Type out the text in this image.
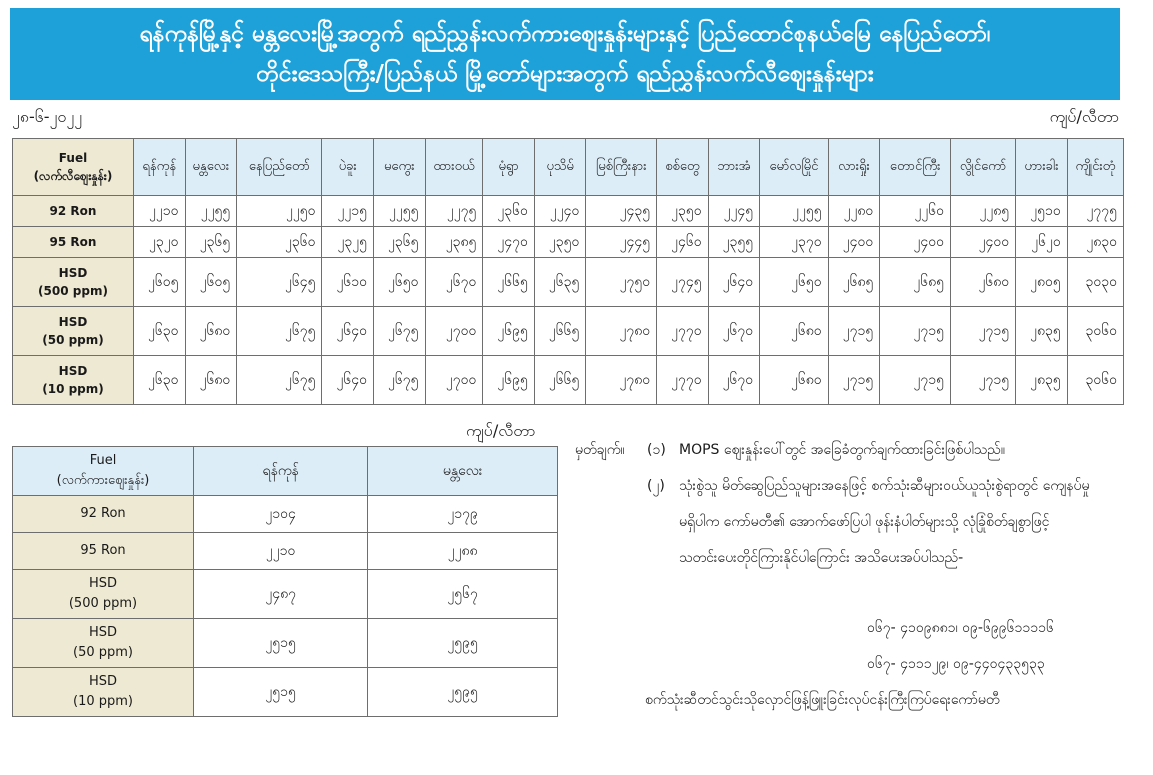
ရန်ကုန်မြို့နှင့် မန္တလေးမြို့အတွက် ရည်ညွှန်းလက်ကားဈေးနှုန်းများနှင့် ပြည်ထောင်စုနယ်မြေ နေပြည်တော်၊
တိုင်းဒေသကြီး/ပြည်နယ် မြို့တော်များအတွက် ရည်ညွှန်းလက်လီဈေးနှုန်းများ
၂၈-၆-၂၀၂၂	ကျပ်/လီတာ
Fuel
(လက်လီဈေးနှုန်း)	ရန်ကုန်	မန္တလေး	နေပြည်တော်	ပဲခူး	မကွေး	ထားဝယ်	မုံရွာ	ပုသိမ်	မြစ်ကြီးနား	စစ်တွေ	ဘားအံ	မော်လမြိုင်	လားရှိုး	တောင်ကြီး	လွိုင်ကော်	ဟားခါး	ကျိုင်းတုံ

92 Ron	၂၂၁၀	၂၂၅၅	၂၂၅၀	၂၂၁၅	၂၂၅၅	၂၂၇၅	၂၃၆၀	၂၂၄၀	၂၄၃၅	၂၃၅၀	၂၂၄၅	၂၂၅၅	၂၂၈၀	၂၂၆၀	၂၂၈၅	၂၅၁၀	၂၇၇၅

95 Ron	၂၃၂၀	၂၃၆၅	၂၃၆၀	၂၃၂၅	၂၃၆၅	၂၃၈၅	၂၄၇၀	၂၃၅၀	၂၄၄၅	၂၄၆၀	၂၃၅၅	၂၃၇၀	၂၄၀၀	၂၄၀၀	၂၄၀၀	၂၆၂၀	၂၈၃၀

HSD
(500 ppm)	၂၆၀၅	၂၆၀၅	၂၆၄၅	၂၆၁၀	၂၆၅၀	၂၆၇၀	၂၆၆၅	၂၆၃၅	၂၇၅၀	၂၇၄၅	၂၆၄၀	၂၆၅၀	၂၆၈၅	၂၆၈၅	၂၆၈၀	၂၈၀၅	၃၀၃၀

HSD
(50 ppm)	၂၆၃၀	၂၆၈၀	၂၆၇၅	၂၆၄၀	၂၆၇၅	၂၇၀၀	၂၆၉၅	၂၆၆၅	၂၇၈၀	၂၇၇၀	၂၆၇၀	၂၆၈၀	၂၇၁၅	၂၇၁၅	၂၇၁၅	၂၈၃၅	၃၀၆၀

HSD
(10 ppm)	၂၆၃၀	၂၆၈၀	၂၆၇၅	၂၆၄၀	၂၆၇၅	၂၇၀၀	၂၆၉၅	၂၆၆၅	၂၇၈၀	၂၇၇၀	၂၆၇၀	၂၆၈၀	၂၇၁၅	၂၇၁၅	၂၇၁၅	၂၈၃၅	၃၀၆၀
ကျပ်/လီတာ
Fuel
(လက်ကားဈေးနှုန်း)	ရန်ကုန်	မန္တလေး

92 Ron	၂၁၀၄	၂၁၇၉

95 Ron	၂၂၁၀	၂၂၈၈

HSD
(500 ppm)	၂၄၈၇	၂၅၆၇

HSD
(50 ppm)	၂၅၁၅	၂၅၉၅

HSD
(10 ppm)	၂၅၁၅	၂၅၉၅
မှတ်ချက်။ (၁) MOPS ဈေးနှုန်းပေါ်တွင် အခြေခံတွက်ချက်ထားခြင်းဖြစ်ပါသည်။
(၂) သုံးစွဲသူ မိတ်ဆွေပြည်သူများအနေဖြင့် စက်သုံးဆီများဝယ်ယူသုံးစွဲရာတွင် ကျေနပ်မှု
မရှိပါက ကော်မတီ၏ အောက်ဖော်ပြပါ ဖုန်းနံပါတ်များသို့ လုံခြုံစိတ်ချစွာဖြင့်
သတင်းပေးတိုင်ကြားနိုင်ပါကြောင်း အသိပေးအပ်ပါသည်-
၀၆၇- ၄၁၀၉၈၈၁၊ ၀၉-၆၉၉၆၁၁၁၁၆
၀၆၇- ၄၁၁၁၂၉၊ ၀၉-၄၄၀၄၃၃၅၃၃
စက်သုံးဆီတင်သွင်းသိုလှောင်ဖြန့်ဖြူးခြင်းလုပ်ငန်းကြီးကြပ်ရေးကော်မတီ
